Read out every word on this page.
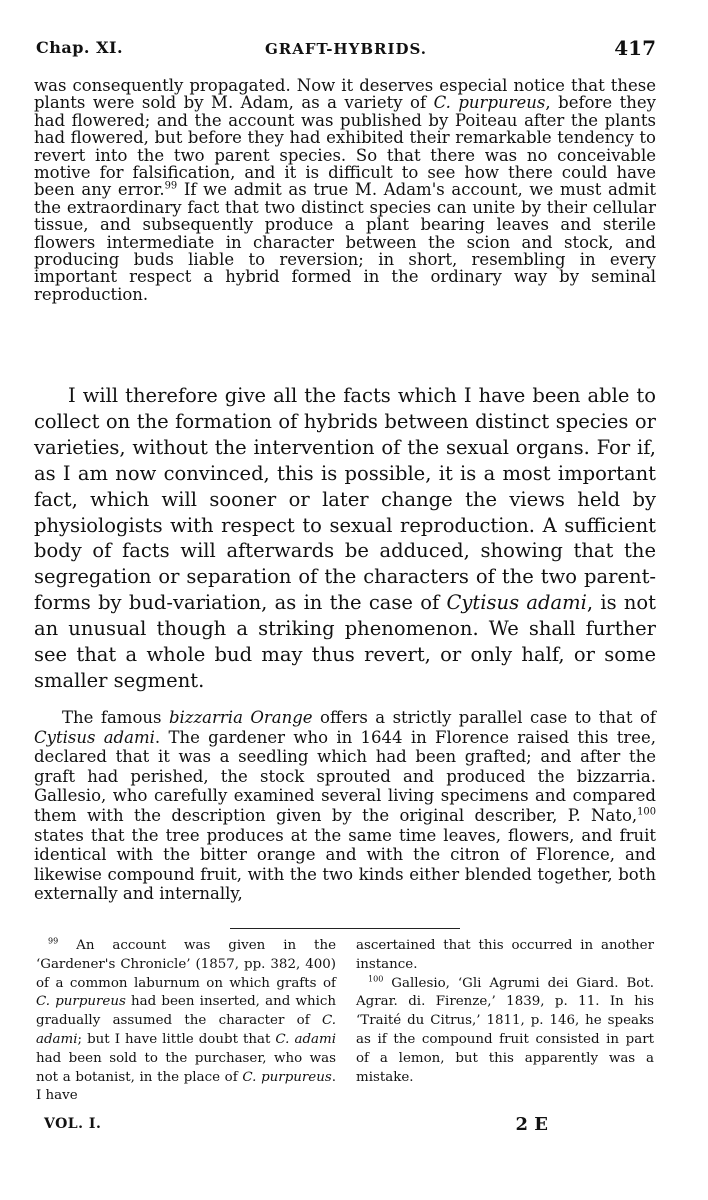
Chap. XI.	GRAFT-HYBRIDS.	417
was consequently propagated. Now it deserves especial notice that these plants were sold by M. Adam, as a variety of C. purpureus, before they had flowered; and the account was published by Poiteau after the plants had flowered, but before they had exhibited their remarkable tendency to revert into the two parent species. So that there was no conceivable motive for falsification, and it is difficult to see how there could have been any error.$^{99}$ If we admit as true M. Adam's account, we must admit the extraordinary fact that two distinct species can unite by their cellular tissue, and subsequently produce a plant bearing leaves and sterile flowers intermediate in character between the scion and stock, and producing buds liable to reversion; in short, resembling in every important respect a hybrid formed in the ordinary way by seminal reproduction.
I will therefore give all the facts which I have been able to collect on the formation of hybrids between distinct species or varieties, without the intervention of the sexual organs. For if, as I am now convinced, this is possible, it is a most important fact, which will sooner or later change the views held by physiologists with respect to sexual reproduction. A sufficient body of facts will afterwards be adduced, showing that the segregation or separation of the characters of the two parent-forms by bud-variation, as in the case of Cytisus adami, is not an unusual though a striking phenomenon. We shall further see that a whole bud may thus revert, or only half, or some smaller segment.
The famous bizzarria Orange offers a strictly parallel case to that of Cytisus adami. The gardener who in 1644 in Florence raised this tree, declared that it was a seedling which had been grafted; and after the graft had perished, the stock sprouted and produced the bizzarria. Gallesio, who carefully examined several living specimens and compared them with the description given by the original describer, P. Nato,$^{100}$ states that the tree produces at the same time leaves, flowers, and fruit identical with the bitter orange and with the citron of Florence, and likewise compound fruit, with the two kinds either blended together, both externally and internally,

$^{99}$ An account was given in the ‘Gardener's Chronicle’ (1857, pp. 382, 400) of a common laburnum on which grafts of C. purpureus had been inserted, and which gradually assumed the character of C. adami; but I have little doubt that C. adami had been sold to the purchaser, who was not a botanist, in the place of C. purpureus. I have

ascertained that this occurred in another instance.

$^{100}$ Gallesio, ‘Gli Agrumi dei Giard. Bot. Agrar. di. Firenze,’ 1839, p. 11. In his ‘Traité du Citrus,’ 1811, p. 146, he speaks as if the compound fruit consisted in part of a lemon, but this apparently was a mistake.

VOL. I.	2 E
